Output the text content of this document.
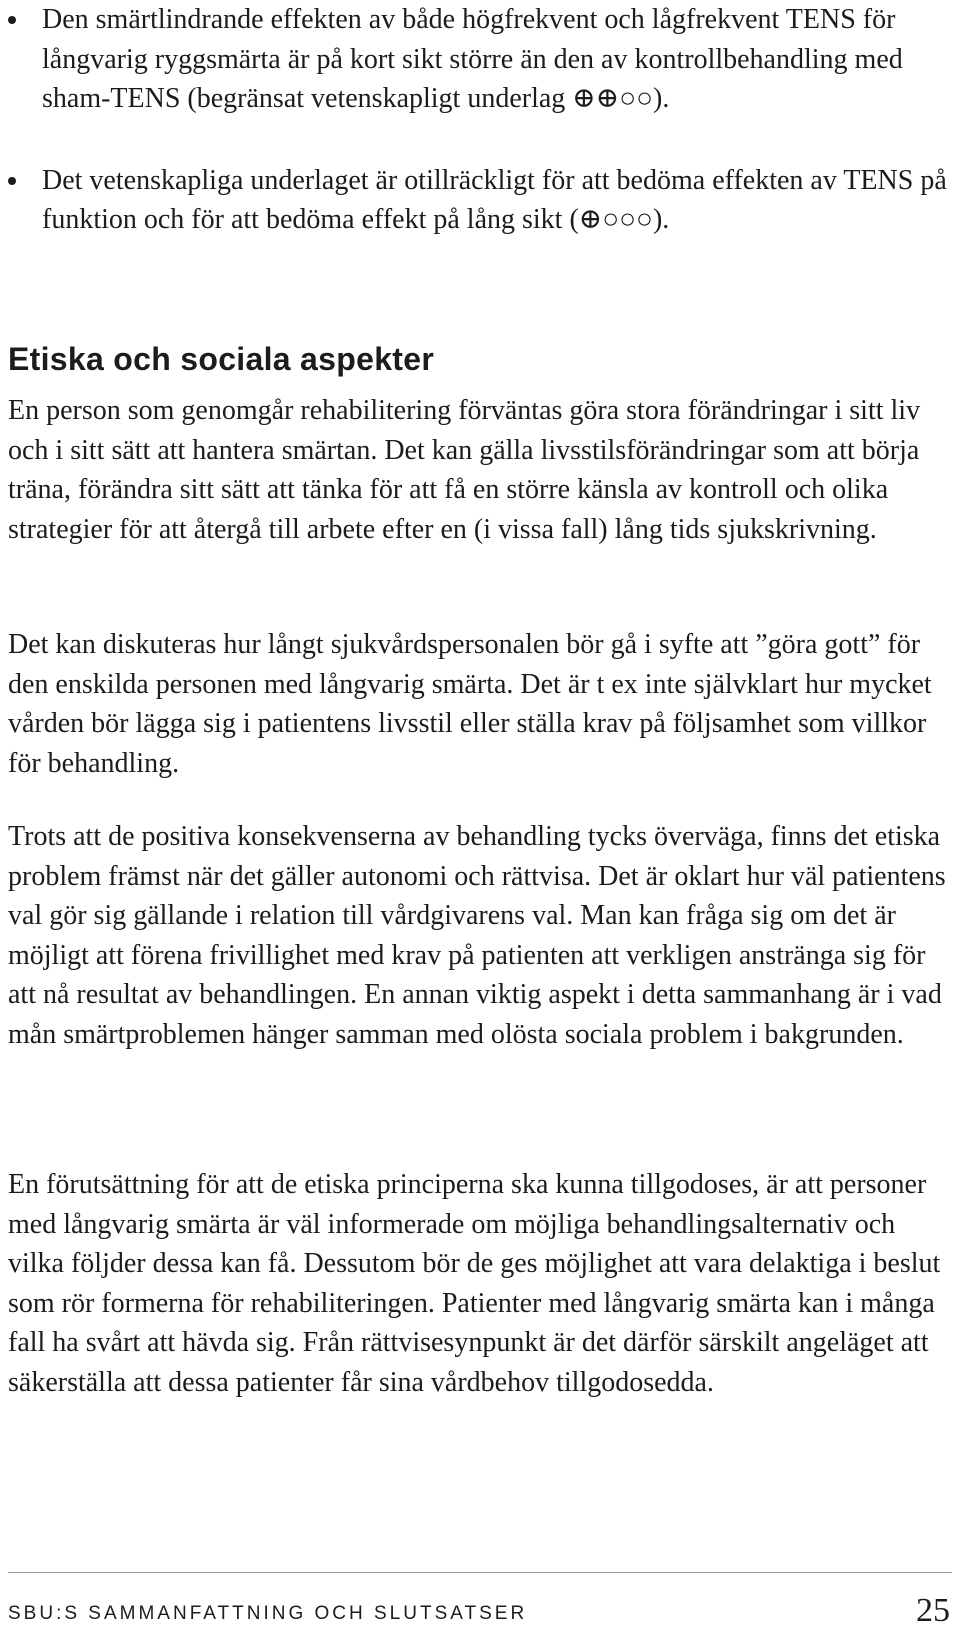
Den smärtlindrande effekten av både högfrekvent och lågfrekvent TENS för långvarig ryggsmärta är på kort sikt större än den av kontrollbehandling med sham-TENS (begränsat vetenskapligt underlag ⊕⊕○○).
Det vetenskapliga underlaget är otillräckligt för att bedöma effekten av TENS på funktion och för att bedöma effekt på lång sikt (⊕○○○).
Etiska och sociala aspekter

En person som genomgår rehabilitering förväntas göra stora förändringar i sitt liv och i sitt sätt att hantera smärtan. Det kan gälla livsstilsförändringar som att börja träna, förändra sitt sätt att tänka för att få en större känsla av kontroll och olika strategier för att återgå till arbete efter en (i vissa fall) lång tids sjukskrivning.

Det kan diskuteras hur långt sjukvårdspersonalen bör gå i syfte att ”göra gott” för den enskilda personen med långvarig smärta. Det är t ex inte självklart hur mycket vården bör lägga sig i patientens livsstil eller ställa krav på följsamhet som villkor för behandling.

Trots att de positiva konsekvenserna av behandling tycks överväga, finns det etiska problem främst när det gäller autonomi och rättvisa. Det är oklart hur väl patientens val gör sig gällande i relation till vårdgivarens val. Man kan fråga sig om det är möjligt att förena frivillighet med krav på patienten att verkligen anstränga sig för att nå resultat av behandlingen. En annan viktig aspekt i detta sammanhang är i vad mån smärtproblemen hänger samman med olösta sociala problem i bakgrunden.

En förutsättning för att de etiska principerna ska kunna tillgodoses, är att personer med långvarig smärta är väl informerade om möjliga behandlingsalternativ och vilka följder dessa kan få. Dessutom bör de ges möjlighet att vara delaktiga i beslut som rör formerna för rehabiliteringen. Patienter med långvarig smärta kan i många fall ha svårt att hävda sig. Från rättvisesynpunkt är det därför särskilt angeläget att säkerställa att dessa patienter får sina vårdbehov tillgodosedda.

SBU:S SAMMANFATTNING OCH SLUTSATSER	25
